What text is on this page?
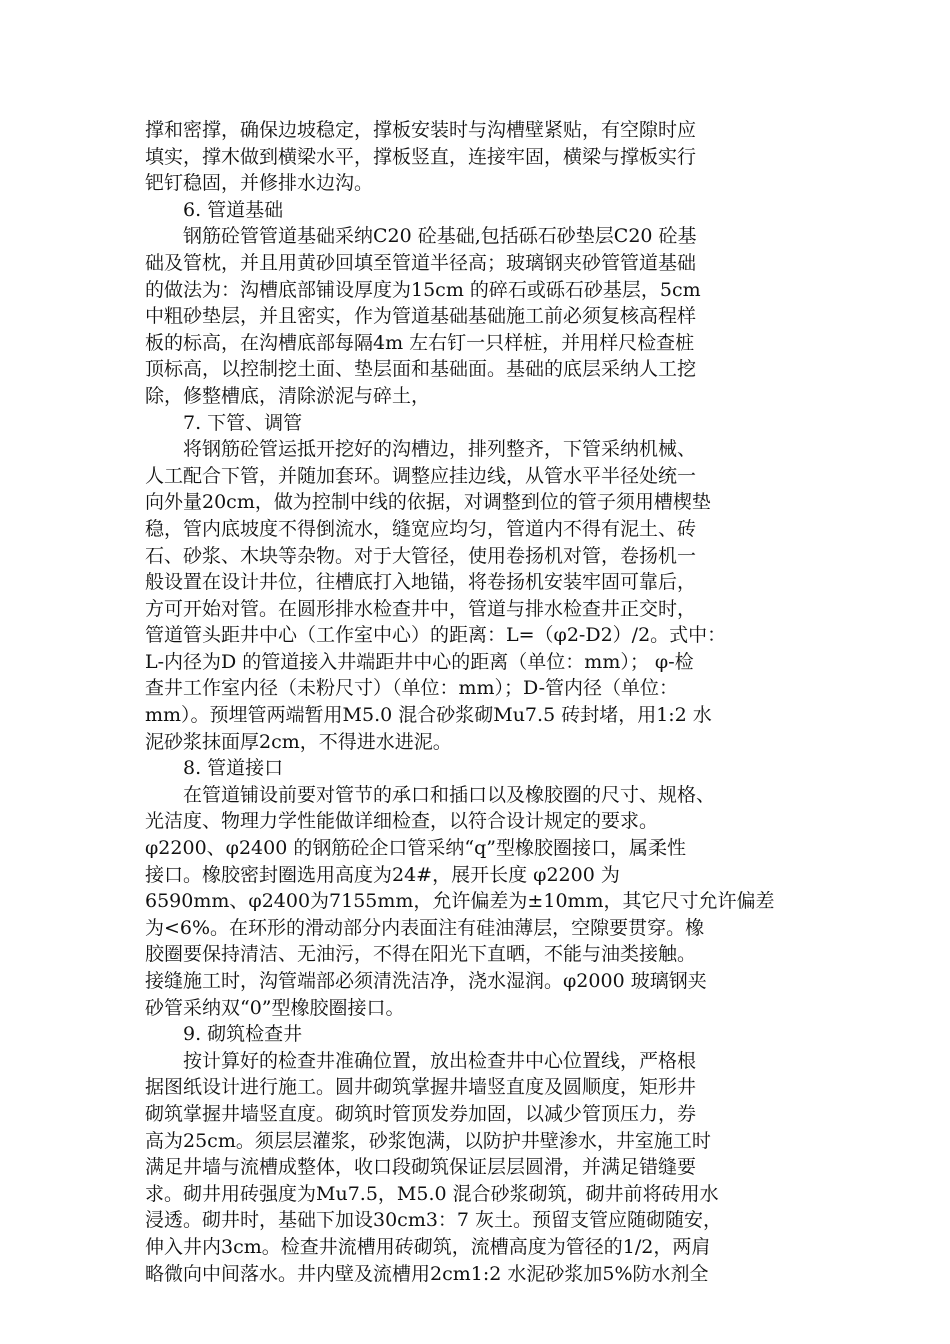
撑和密撑，确保边坡稳定，撑板安装时与沟槽壁紧贴，有空隙时应
填实，撑木做到横梁水平，撑板竖直，连接牢固，横梁与撑板实行
钯钉稳固，并修排水边沟。
6. 管道基础
钢筋砼管管道基础采纳C20 砼基础,包括砾石砂垫层C20 砼基
础及管枕，并且用黄砂回填至管道半径高；玻璃钢夹砂管管道基础
的做法为：沟槽底部铺设厚度为15cm 的碎石或砾石砂基层，5cm
中粗砂垫层，并且密实，作为管道基础基础施工前必须复核高程样
板的标高，在沟槽底部每隔4m 左右钉一只样桩，并用样尺检查桩
顶标高，以控制挖土面、垫层面和基础面。基础的底层采纳人工挖
除，修整槽底，清除淤泥与碎土，
7. 下管、调管
将钢筋砼管运抵开挖好的沟槽边，排列整齐，下管采纳机械、
人工配合下管，并随加套环。调整应挂边线，从管水平半径处统一
向外量20cm，做为控制中线的依据，对调整到位的管子须用槽楔垫
稳，管内底坡度不得倒流水，缝宽应均匀，管道内不得有泥土、砖
石、砂浆、木块等杂物。对于大管径，使用卷扬机对管，卷扬机一
般设置在设计井位，往槽底打入地锚，将卷扬机安装牢固可靠后，
方可开始对管。在圆形排水检查井中，管道与排水检查井正交时，
管道管头距井中心（工作室中心）的距离：L=（φ2-D2）/2。式中：
L-内径为D 的管道接入井端距井中心的距离（单位：mm）； φ-检
查井工作室内径（未粉尺寸）（单位：mm）；D-管内径（单位：
mm）。预埋管两端暂用M5.0 混合砂浆砌Mu7.5 砖封堵，用1:2 水
泥砂浆抹面厚2cm，不得进水进泥。
8. 管道接口
在管道铺设前要对管节的承口和插口以及橡胶圈的尺寸、规格、
光洁度、物理力学性能做详细检查，以符合设计规定的要求。
φ2200、φ2400 的钢筋砼企口管采纳“q”型橡胶圈接口，属柔性
接口。橡胶密封圈选用高度为24#，展开长度 φ2200 为
6590mm、φ2400为7155mm，允许偏差为±10mm，其它尺寸允许偏差
为<6%。在环形的滑动部分内表面注有硅油薄层，空隙要贯穿。橡
胶圈要保持清洁、无油污，不得在阳光下直晒，不能与油类接触。
接缝施工时，沟管端部必须清洗洁净，浇水湿润。φ2000 玻璃钢夹
砂管采纳双“0”型橡胶圈接口。
9. 砌筑检查井
按计算好的检查井准确位置，放出检查井中心位置线，严格根
据图纸设计进行施工。圆井砌筑掌握井墙竖直度及圆顺度，矩形井
砌筑掌握井墙竖直度。砌筑时管顶发券加固，以减少管顶压力，券
高为25cm。须层层灌浆，砂浆饱满，以防护井壁渗水，井室施工时
满足井墙与流槽成整体，收口段砌筑保证层层圆滑，并满足错缝要
求。砌井用砖强度为Mu7.5，M5.0 混合砂浆砌筑，砌井前将砖用水
浸透。砌井时，基础下加设30cm3：7 灰土。预留支管应随砌随安，
伸入井内3cm。检查井流槽用砖砌筑，流槽高度为管径的1/2，两肩
略微向中间落水。井内壁及流槽用2cm1:2 水泥砂浆加5%防水剂全
